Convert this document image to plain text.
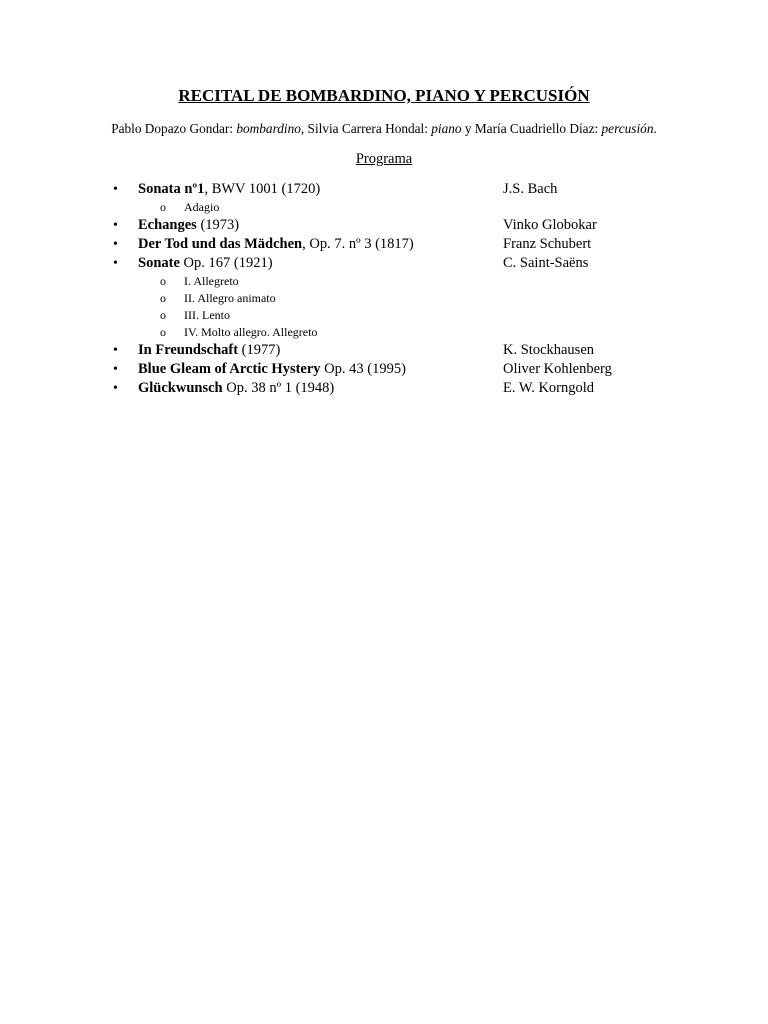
RECITAL DE BOMBARDINO, PIANO Y PERCUSIÓN
Pablo Dopazo Gondar: bombardino, Silvia Carrera Hondal: piano y María Cuadriello Díaz: percusión.
Programa
• Sonata nº1, BWV 1001 (1720)	J.S. Bach
o Adagio
• Echanges (1973)	Vinko Globokar
• Der Tod und das Mädchen, Op. 7. nº 3 (1817)	Franz Schubert
• Sonate Op. 167 (1921)	C. Saint-Saëns
o I. Allegreto
o II. Allegro animato
o III. Lento
o IV. Molto allegro. Allegreto
• In Freundschaft (1977)	K. Stockhausen
• Blue Gleam of Arctic Hystery Op. 43 (1995)	Oliver Kohlenberg
• Glückwunsch Op. 38 nº 1 (1948)	E. W. Korngold
